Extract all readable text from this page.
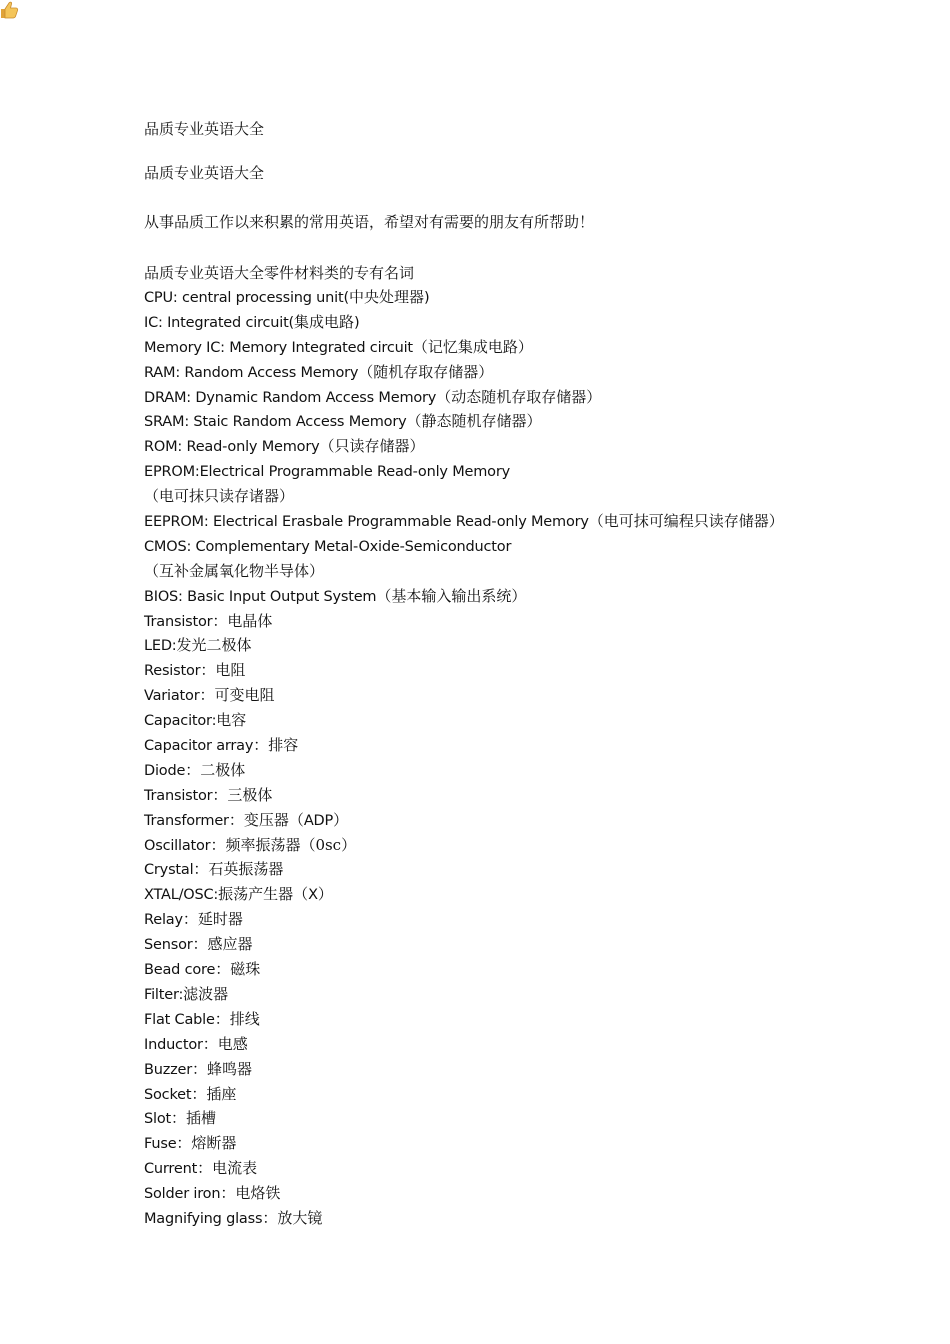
品质专业英语大全
品质专业英语大全
从事品质工作以来积累的常用英语，希望对有需要的朋友有所帮助！
品质专业英语大全零件材料类的专有名词
CPU: central processing unit(中央处理器)
IC: Integrated circuit(集成电路)
Memory IC: Memory Integrated circuit（记忆集成电路）
RAM: Random Access Memory（随机存取存储器）
DRAM: Dynamic Random Access Memory（动态随机存取存储器）
SRAM: Staic Random Access Memory（静态随机存储器）
ROM: Read-only Memory（只读存储器）
EPROM:Electrical Programmable Read-only Memory
（电可抹只读存诸器）
EEPROM: Electrical Erasbale Programmable Read-only Memory（电可抹可编程只读存储器）
CMOS: Complementary Metal-Oxide-Semiconductor
（互补金属氧化物半导体）
BIOS: Basic Input Output System（基本输入输出系统）
Transistor：电晶体
LED:发光二极体
Resistor：电阻
Variator：可变电阻
Capacitor:电容
Capacitor array：排容
Diode：二极体
Transistor：三极体
Transformer：变压器（ADP）
Oscillator：频率振荡器（0sc）
Crystal：石英振荡器
XTAL/OSC:振荡产生器（X）
Relay：延时器
Sensor：感应器
Bead core：磁珠
Filter:滤波器
Flat Cable：排线
Inductor：电感
Buzzer：蜂鸣器
Socket：插座
Slot：插槽
Fuse：熔断器
Current：电流表
Solder iron：电烙铁
Magnifying glass：放大镜
